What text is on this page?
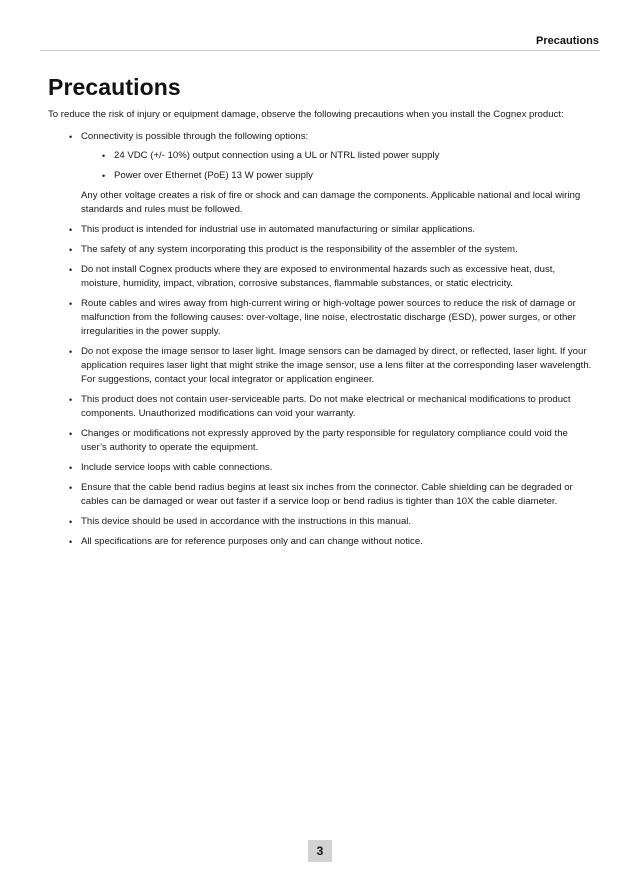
Precautions
Precautions

To reduce the risk of injury or equipment damage, observe the following precautions when you install the Cognex product:

• Connectivity is possible through the following options:
• 24 VDC (+/- 10%) output connection using a UL or NTRL listed power supply
• Power over Ethernet (PoE) 13 W power supply

Any other voltage creates a risk of fire or shock and can damage the components. Applicable national and local wiring standards and rules must be followed.

• This product is intended for industrial use in automated manufacturing or similar applications.
• The safety of any system incorporating this product is the responsibility of the assembler of the system.
• Do not install Cognex products where they are exposed to environmental hazards such as excessive heat, dust, moisture, humidity, impact, vibration, corrosive substances, flammable substances, or static electricity.
• Route cables and wires away from high-current wiring or high-voltage power sources to reduce the risk of damage or malfunction from the following causes: over-voltage, line noise, electrostatic discharge (ESD), power surges, or other irregularities in the power supply.
• Do not expose the image sensor to laser light. Image sensors can be damaged by direct, or reflected, laser light. If your application requires laser light that might strike the image sensor, use a lens filter at the corresponding laser wavelength. For suggestions, contact your local integrator or application engineer.
• This product does not contain user-serviceable parts. Do not make electrical or mechanical modifications to product components. Unauthorized modifications can void your warranty.
• Changes or modifications not expressly approved by the party responsible for regulatory compliance could void the user’s authority to operate the equipment.
• Include service loops with cable connections.
• Ensure that the cable bend radius begins at least six inches from the connector. Cable shielding can be degraded or cables can be damaged or wear out faster if a service loop or bend radius is tighter than 10X the cable diameter.
• This device should be used in accordance with the instructions in this manual.
• All specifications are for reference purposes only and can change without notice.
3
